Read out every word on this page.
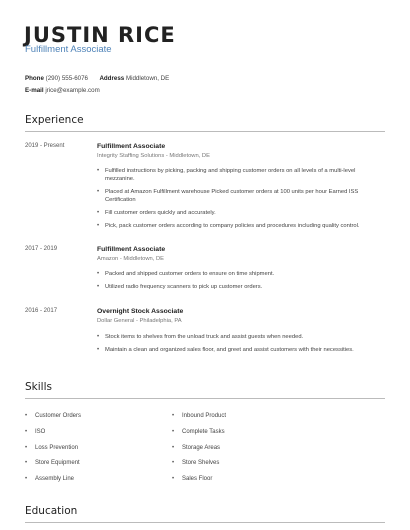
JUSTIN RICE
Fulfillment Associate
Phone (290) 555-6076 Address Middletown, DE
E-mail jrice@example.com
Experience
2019 - Present	Fulfillment Associate
Integrity Staffing Solutions - Middletown, DE
• Fulfilled instructions by picking, packing and shipping customer orders on all levels of a multi-level mezzanine.
• Placed at Amazon Fulfillment warehouse Picked customer orders at 100 units per hour Earned ISS Certification
• Fill customer orders quickly and accurately.
• Pick, pack customer orders according to company policies and procedures including quality control.
2017 - 2019	Fulfillment Associate
Amazon - Middletown, DE
• Packed and shipped customer orders to ensure on time shipment.
• Utilized radio frequency scanners to pick up customer orders.
2016 - 2017	Overnight Stock Associate
Dollar General - Philadelphia, PA
• Stock items to shelves from the unload truck and assist guests when needed.
• Maintain a clean and organized sales floor, and greet and assist customers with their necessities.
Skills
• Customer Orders
• ISO
• Loss Prevention
• Store Equipment
• Assembly Line
• Inbound Product
• Complete Tasks
• Storage Areas
• Store Shelves
• Sales Floor
Education
